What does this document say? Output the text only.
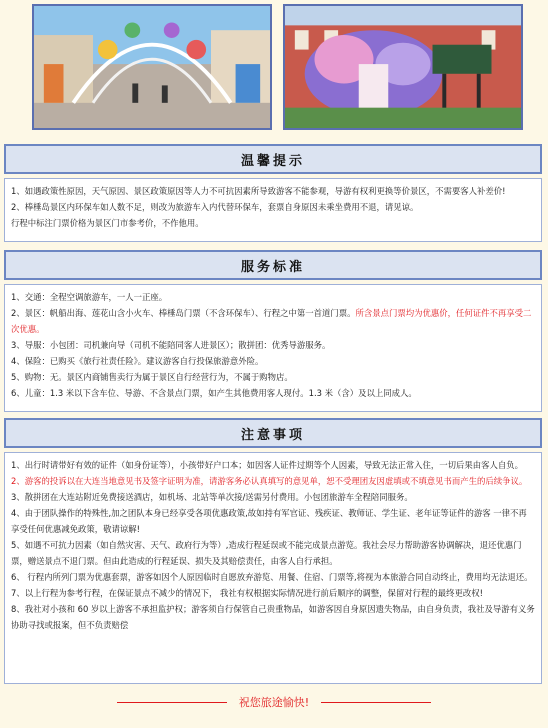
温馨提示

1、如遇政策性原因，天气原因、景区政策原因等人力不可抗因素所导致游客不能参观，导游有权利更换等价景区，不需要客人补差价!

2、棒棰岛景区内环保车如人数不足，则改为旅游车入内代替环保车，套票自身原因未乘坐费用不退，请见谅。

行程中标注门票价格为景区门市参考价，不作他用。

服务标准

1、交通：全程空调旅游车，一人一正座。

2、景区：帆船出海、莲花山含小火车、棒棰岛门票（不含环保车）、行程之中第一首道门票。所含景点门票均为优惠价，任何证件不再享受二次优惠。

3、导服：小包团：司机兼向导（司机不能陪同客人进景区）；散拼团：优秀导游服务。

4、保险：已购买《旅行社责任险》。建议游客自行投保旅游意外险。

5、购物：无。景区内商铺售卖行为属于景区自行经营行为，不属于购物店。

6、儿童：1.3 米以下含车位、导游、不含景点门票，如产生其他费用客人现付。1.3 米（含）及以上同成人。

注意事项

1、出行时请带好有效的证件（如身份证等），小孩带好户口本；如因客人证件过期等个人因素，导致无法正常入住，一切后果由客人自负。

2、游客的投诉以在大连当地意见书及签字证明为准，请游客务必认真填写的意见单，恕不受理团友因虚填或不填意见书而产生的后续争议。

3、散拼团在大连站附近免费接送酒店，如机场、北站等单次接/送需另付费用。小包团旅游车全程陪同服务。

4、由于团队操作的特殊性,加之团队本身已经享受各项优惠政策,故如持有军官证、残疾证、教师证、学生证、老年证等证件的游客 一律不再享受任何优惠减免政策，敬请谅解!

5、如遇不可抗力因素（如自然灾害、天气、政府行为等）,造成行程延误或不能完成景点游览。我社会尽力帮助游客协调解决，退还优惠门票，赠送景点不退门票。但由此造成的行程延误、损失及其赔偿责任，由客人自行承担。

6、 行程内所列门票为优惠套票，游客如因个人原因临时自愿放弃游览、用餐、住宿、门票等,将视为本旅游合同自动终止，费用均无法退还。

7、以上行程为参考行程，在保证景点不减少的情况下， 我社有权根据实际情况进行前后顺序的调整，保留对行程的最终更改权!

8、我社对小孩和 60 岁以上游客不承担监护权；游客须自行保管自己贵重物品，如游客因自身原因遗失物品，由自身负责，我社及导游有义务协助寻找或报案，但不负责赔偿

祝您旅途愉快!
